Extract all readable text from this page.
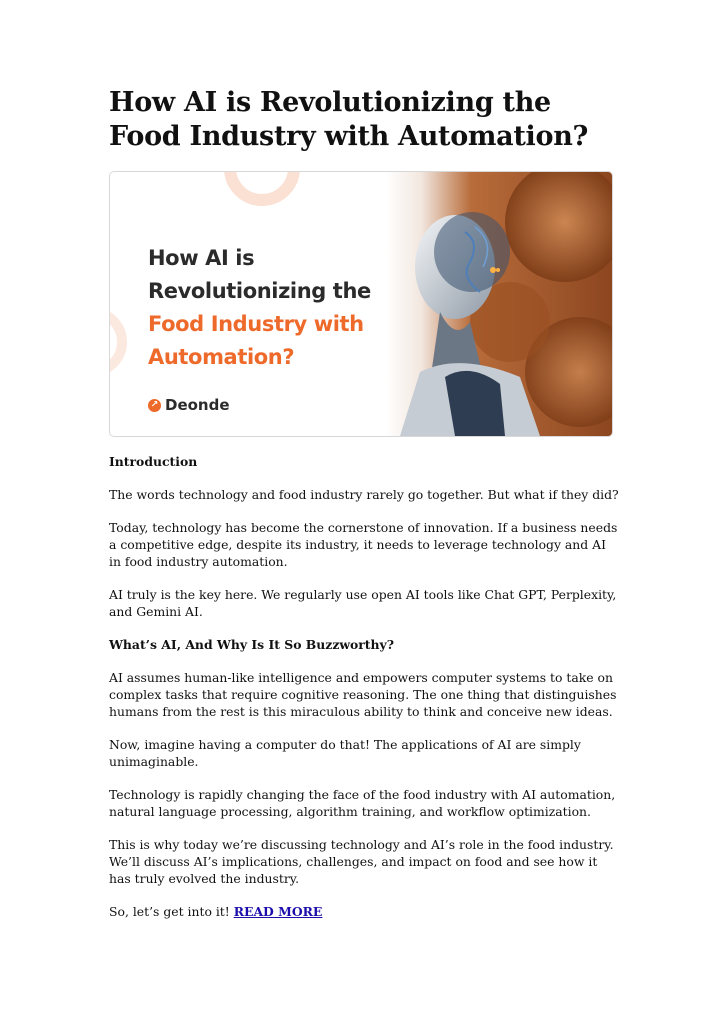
How AI is Revolutionizing the Food Industry with Automation?
How AI is
Revolutionizing the
Food Industry with
Automation?
↗ Deonde

Introduction

The words technology and food industry rarely go together. But what if they did?

Today, technology has become the cornerstone of innovation. If a business needs a competitive edge, despite its industry, it needs to leverage technology and AI in food industry automation.

AI truly is the key here. We regularly use open AI tools like Chat GPT, Perplexity, and Gemini AI.

What’s AI, And Why Is It So Buzzworthy?

AI assumes human-like intelligence and empowers computer systems to take on complex tasks that require cognitive reasoning. The one thing that distinguishes humans from the rest is this miraculous ability to think and conceive new ideas.

Now, imagine having a computer do that! The applications of AI are simply unimaginable.

Technology is rapidly changing the face of the food industry with AI automation, natural language processing, algorithm training, and workflow optimization.

This is why today we’re discussing technology and AI’s role in the food industry. We’ll discuss AI’s implications, challenges, and impact on food and see how it has truly evolved the industry.

So, let’s get into it! READ MORE
